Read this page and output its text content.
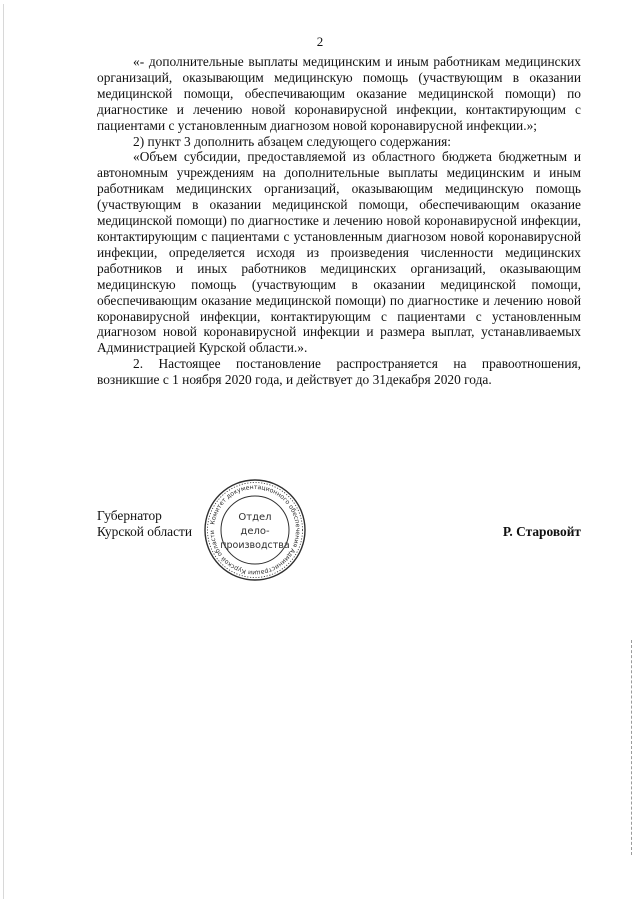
2

«- дополнительные выплаты медицинским и иным работникам медицинских организаций, оказывающим медицинскую помощь (участвующим в оказании медицинской помощи, обеспечивающим оказание медицинской помощи) по диагностике и лечению новой коронавирусной инфекции, контактирующим с пациентами с установленным диагнозом новой коронавирусной инфекции.»;

2) пункт 3 дополнить абзацем следующего содержания:

«Объем субсидии, предоставляемой из областного бюджета бюджетным и автономным учреждениям на дополнительные выплаты медицинским и иным работникам медицинских организаций, оказывающим медицинскую помощь (участвующим в оказании медицинской помощи, обеспечивающим оказание медицинской помощи) по диагностике и лечению новой коронавирусной инфекции, контактирующим с пациентами с установленным диагнозом новой коронавирусной инфекции, определяется исходя из произведения численности медицинских работников и иных работников медицинских организаций, оказывающим медицинскую помощь (участвующим в оказании медицинской помощи, обеспечивающим оказание медицинской помощи) по диагностике и лечению новой коронавирусной инфекции, контактирующим с пациентами с установленным диагнозом новой коронавирусной инфекции и размера выплат, устанавливаемых Администрацией Курской области.».

2. Настоящее постановление распространяется на правоотношения, возникшие с 1 ноября 2020 года, и действует до 31декабря 2020 года.

Губернатор
Курской области	Р. Старовойт
Комитет документационного обеспечения Администрации Курской области
Отдел
дело-
производства
